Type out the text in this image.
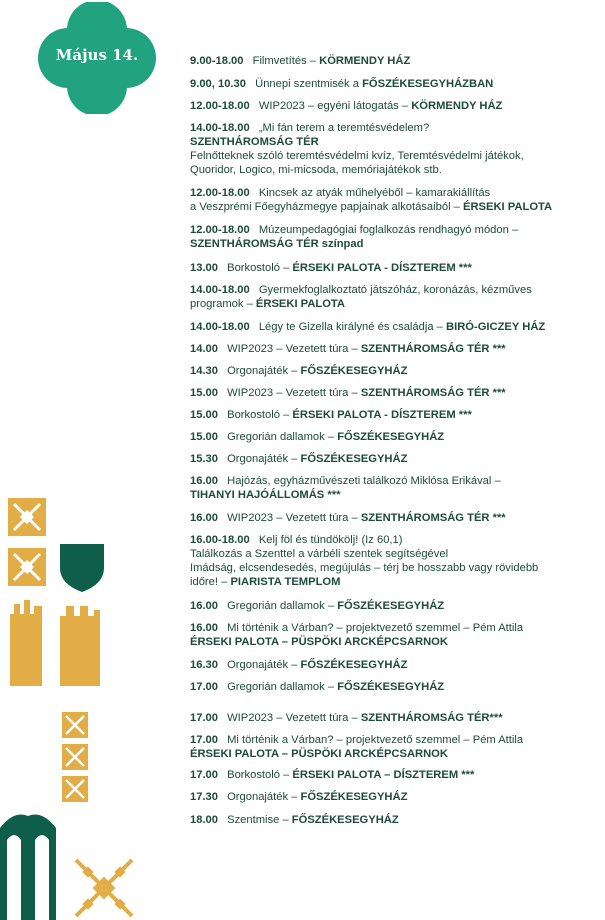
Május 14.	9.00-18.00 Filmvetítés – KÖRMENDY HÁZ
9.00, 10.30 Ünnepi szentmisék a FŐSZÉKESEGYHÁZBAN
12.00-18.00 WIP2023 – egyéni látogatás – KÖRMENDY HÁZ
14.00-18.00 „Mi fán terem a teremtésvédelem?
SZENTHÁROMSÁG TÉR
Felnőtteknek szóló teremtésvédelmi kvíz, Teremtésvédelmi játékok,
Quoridor, Logico, mi-micsoda, memóriajátékok stb.
12.00-18.00 Kincsek az atyák műhelyéből – kamarakiállítás
a Veszprémi Főegyházmegye papjainak alkotásaiból – ÉRSEKI PALOTA
12.00-18.00 Múzeumpedagógiai foglalkozás rendhagyó módon –
SZENTHÁROMSÁG TÉR színpad
13.00 Borkostoló – ÉRSEKI PALOTA - DÍSZTEREM ***
14.00-18.00 Gyermekfoglalkoztató játszóház, koronázás, kézműves
programok – ÉRSEKI PALOTA
14.00-18.00 Légy te Gizella királyné és családja – BIRÓ-GICZEY HÁZ
14.00 WIP2023 – Vezetett túra – SZENTHÁROMSÁG TÉR ***
14.30 Orgonajáték – FŐSZÉKESEGYHÁZ
15.00 WIP2023 – Vezetett túra – SZENTHÁROMSÁG TÉR ***
15.00 Borkostoló – ÉRSEKI PALOTA - DÍSZTEREM ***
15.00 Gregorián dallamok – FŐSZÉKESEGYHÁZ
15.30 Orgonajáték – FŐSZÉKESEGYHÁZ
16.00 Hajózás, egyházművészeti találkozó Miklósa Erikával –
TIHANYI HAJÓÁLLOMÁS ***
16.00 WIP2023 – Vezetett túra – SZENTHÁROMSÁG TÉR ***
16.00-18.00 Kelj föl és tündökölj! (Iz 60,1)
Találkozás a Szenttel a várbéli szentek segítségével
Imádság, elcsendesedés, megújulás – térj be hosszabb vagy rövidebb
időre! – PIARISTA TEMPLOM
16.00 Gregorián dallamok – FŐSZÉKESEGYHÁZ
16.00 Mi történik a Várban? – projektvezető szemmel – Pém Attila
ÉRSEKI PALOTA – PÜSPÖKI ARCKÉPCSARNOK
16.30 Orgonajáték – FŐSZÉKESEGYHÁZ
17.00 Gregorián dallamok – FŐSZÉKESEGYHÁZ
17.00 WIP2023 – Vezetett túra – SZENTHÁROMSÁG TÉR***
17.00 Mi történik a Várban? – projektvezető szemmel – Pém Attila
ÉRSEKI PALOTA – PÜSPÖKI ARCKÉPCSARNOK
17.00 Borkostoló – ÉRSEKI PALOTA – DÍSZTEREM ***
17.30 Orgonajáték – FŐSZÉKESEGYHÁZ
18.00 Szentmise – FŐSZÉKESEGYHÁZ
